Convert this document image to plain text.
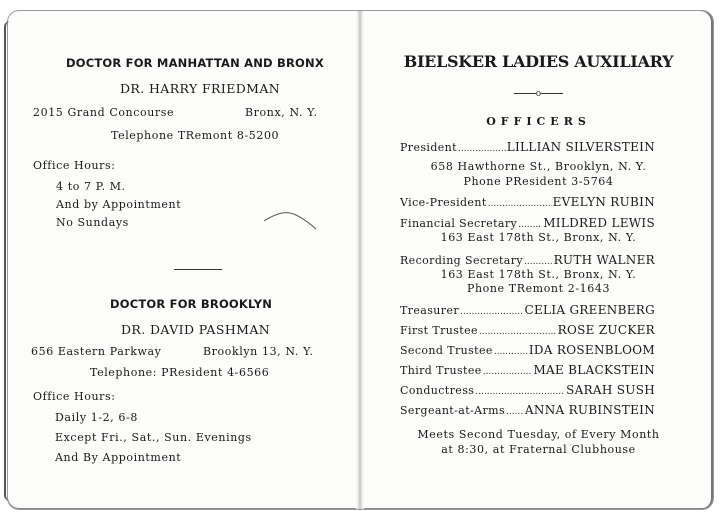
DOCTOR FOR MANHATTAN AND BRONX
DR. HARRY FRIEDMAN
2015 Grand Concourse	Bronx, N. Y.
Telephone TRemont 8-5200
Office Hours:
4 to 7 P. M.
And by Appointment
No Sundays
DOCTOR FOR BROOKLYN
DR. DAVID PASHMAN
656 Eastern Parkway	Brooklyn 13, N. Y.
Telephone: PResident 4-6566
Office Hours:
Daily 1-2, 6-8
Except Fri., Sat., Sun. Evenings
And By Appointment
BIELSKER LADIES AUXILIARY
o
OFFICERS
President .....	LILLIAN SILVERSTEIN
658 Hawthorne St., Brooklyn, N. Y.
Phone PResident 3-5764
Vice-President .....	EVELYN RUBIN
Financial Secretary ..... MILDRED LEWIS
163 East 178th St., Bronx, N. Y.
Recording Secretary .....	RUTH WALNER
163 East 178th St., Bronx, N. Y.
Phone TRemont 2-1643
Treasurer .....	CELIA GREENBERG
First Trustee .....	ROSE ZUCKER
Second Trustee .....	IDA ROSENBLOOM
Third Trustee .....	MAE BLACKSTEIN
Conductress .....	SARAH SUSH
Sergeant-at-Arms ..... ANNA RUBINSTEIN
Meets Second Tuesday, of Every Month
at 8:30, at Fraternal Clubhouse
